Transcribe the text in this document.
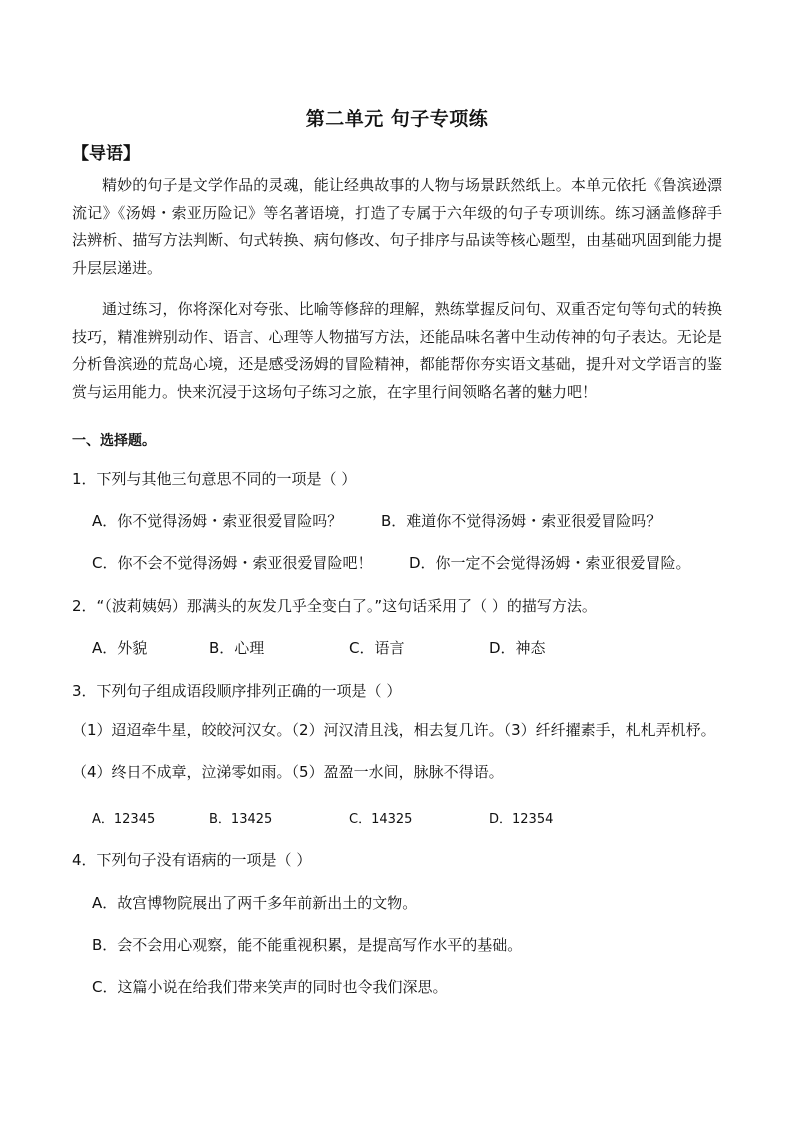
第二单元 句子专项练
【导语】

精妙的句子是文学作品的灵魂，能让经典故事的人物与场景跃然纸上。本单元依托《鲁滨逊漂流记》《汤姆・索亚历险记》等名著语境，打造了专属于六年级的句子专项训练。练习涵盖修辞手法辨析、描写方法判断、句式转换、病句修改、句子排序与品读等核心题型，由基础巩固到能力提升层层递进。

通过练习，你将深化对夸张、比喻等修辞的理解，熟练掌握反问句、双重否定句等句式的转换技巧，精准辨别动作、语言、心理等人物描写方法，还能品味名著中生动传神的句子表达。无论是分析鲁滨逊的荒岛心境，还是感受汤姆的冒险精神，都能帮你夯实语文基础，提升对文学语言的鉴赏与运用能力。快来沉浸于这场句子练习之旅，在字里行间领略名著的魅力吧！

一、选择题。
1．下列与其他三句意思不同的一项是（ ）
A．你不觉得汤姆・索亚很爱冒险吗？	B．难道你不觉得汤姆・索亚很爱冒险吗？
C．你不会不觉得汤姆・索亚很爱冒险吧！ D．你一定不会觉得汤姆・索亚很爱冒险。
2．“（波莉姨妈）那满头的灰发几乎全变白了。”这句话采用了（ ）的描写方法。
A．外貌	B．心理	C．语言	D．神态
3．下列句子组成语段顺序排列正确的一项是（ ）

（1）迢迢牵牛星，皎皎河汉女。（2）河汉清且浅，相去复几许。（3）纤纤擢素手，札札弄机杼。（4）终日不成章，泣涕零如雨。（5）盈盈一水间，脉脉不得语。

A．12345	B．13425	C．14325	D．12354
4．下列句子没有语病的一项是（ ）
A．故宫博物院展出了两千多年前新出土的文物。
B．会不会用心观察，能不能重视积累，是提高写作水平的基础。
C．这篇小说在给我们带来笑声的同时也令我们深思。
